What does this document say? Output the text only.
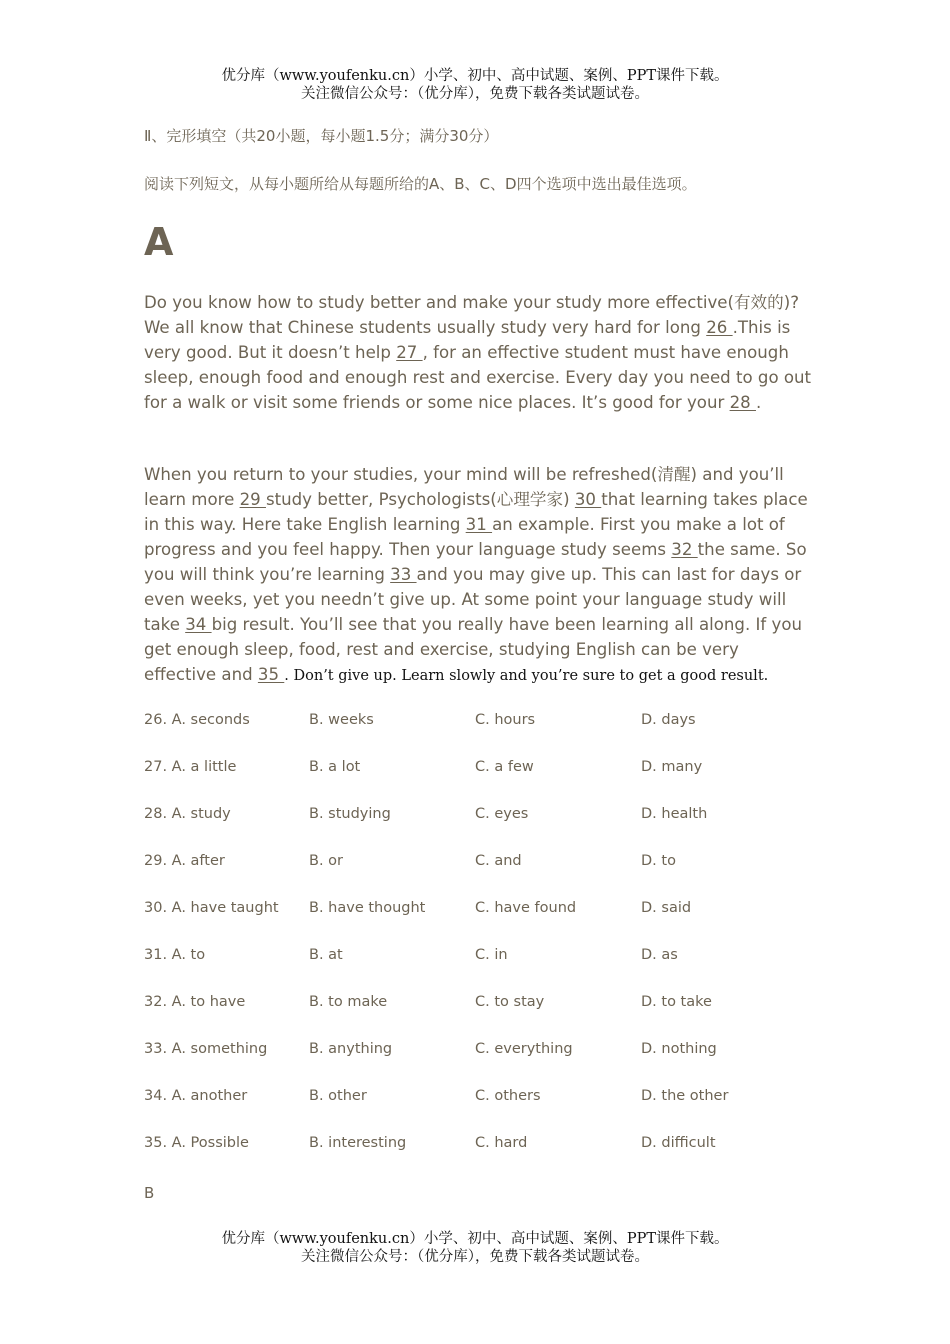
优分库（www.youfenku.cn）小学、初中、高中试题、案例、PPT课件下载。
关注微信公众号：（优分库），免费下载各类试题试卷。
Ⅱ、完形填空（共20小题，每小题1.5分；满分30分）
阅读下列短文，从每小题所给从每题所给的A、B、C、D四个选项中选出最佳选项。
A
Do you know how to study better and make your study more effective(有效的)? We all know that Chinese students usually study very hard for long 26 .This is very good. But it doesn’t help 27 , for an effective student must have enough sleep, enough food and enough rest and exercise. Every day you need to go out for a walk or visit some friends or some nice places. It’s good for your 28 .
When you return to your studies, your mind will be refreshed(清醒) and you’ll learn more 29 study better, Psychologists(心理学家) 30 that learning takes place in this way. Here take English learning 31 an example. First you make a lot of progress and you feel happy. Then your language study seems 32 the same. So you will think you’re learning 33 and you may give up. This can last for days or even weeks, yet you needn’t give up. At some point your language study will take 34 big result. You’ll see that you really have been learning all along. If you get enough sleep, food, rest and exercise, studying English can be very effective and 35 . Don’t give up. Learn slowly and you’re sure to get a good result.
26. A. seconds	B. weeks	C. hours	D. days
27. A. a little	B. a lot	C. a few	D. many
28. A. study	B. studying	C. eyes	D. health
29. A. after	B. or	C. and	D. to
30. A. have taught B. have thought	C. have found	D. said
31. A. to	B. at	C. in	D. as
32. A. to have	B. to make	C. to stay	D. to take
33. A. something	B. anything	C. everything	D. nothing
34. A. another	B. other	C. others	D. the other
35. A. Possible	B. interesting	C. hard	D. difficult
B
优分库（www.youfenku.cn）小学、初中、高中试题、案例、PPT课件下载。
关注微信公众号：（优分库），免费下载各类试题试卷。
